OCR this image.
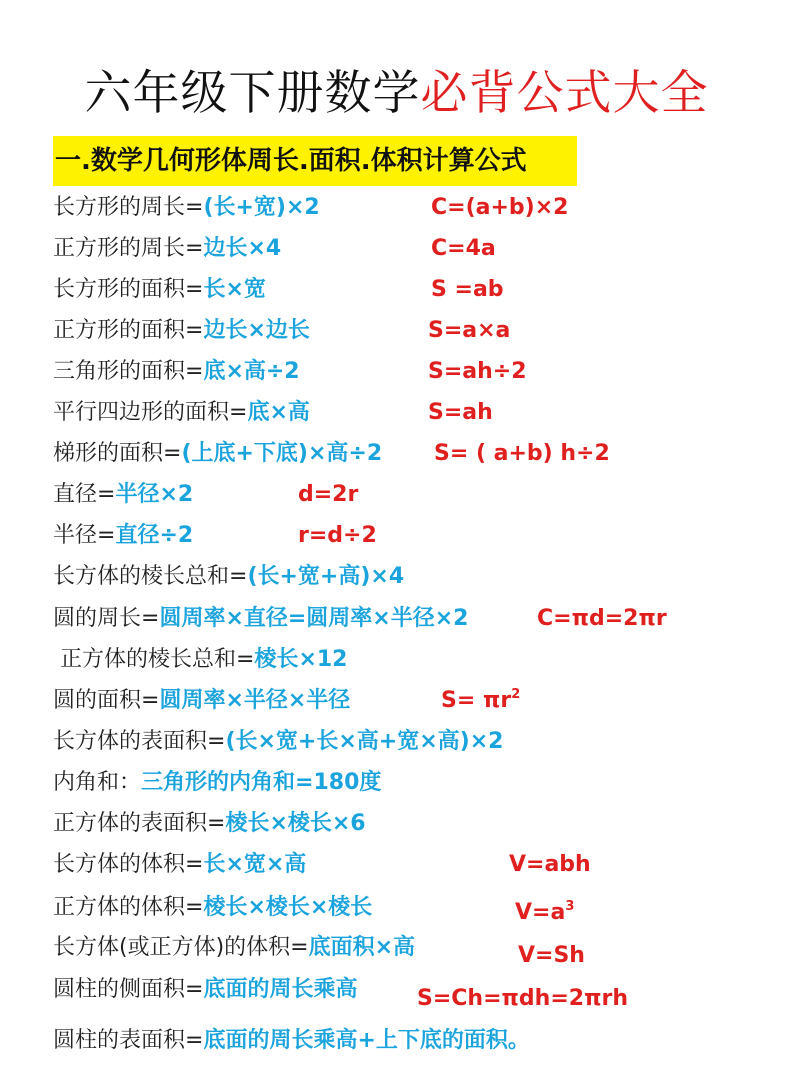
六年级下册数学必背公式大全
一.数学几何形体周长.面积.体积计算公式
长方形的周长=(长+宽)×2	C=(a+b)×2
正方形的周长=边长×4	C=4a
长方形的面积=长×宽	S =ab
正方形的面积=边长×边长	S=a×a
三角形的面积=底×高÷2	S=ah÷2
平行四边形的面积=底×高	S=ah
梯形的面积=(上底+下底)×高÷2 S= ( a+b) h÷2
直径=半径×2	d=2r
半径=直径÷2	r=d÷2
长方体的棱长总和=(长+宽+高)×4
圆的周长=圆周率×直径=圆周率×半径×2	C=πd=2πr
正方体的棱长总和=棱长×12
圆的面积=圆周率×半径×半径	$S= \pi r^2$
长方体的表面积=(长×宽+长×高+宽×高)×2
内角和：三角形的内角和=180度
正方体的表面积=棱长×棱长×6
长方体的体积=长×宽×高	V=abh
正方体的体积=棱长×棱长×棱长	$V=a^3$
长方体(或正方体)的体积=底面积×高	V=Sh
圆柱的侧面积=底面的周长乘高	S=Ch=πdh=2πrh
圆柱的表面积=底面的周长乘高+上下底的面积。
